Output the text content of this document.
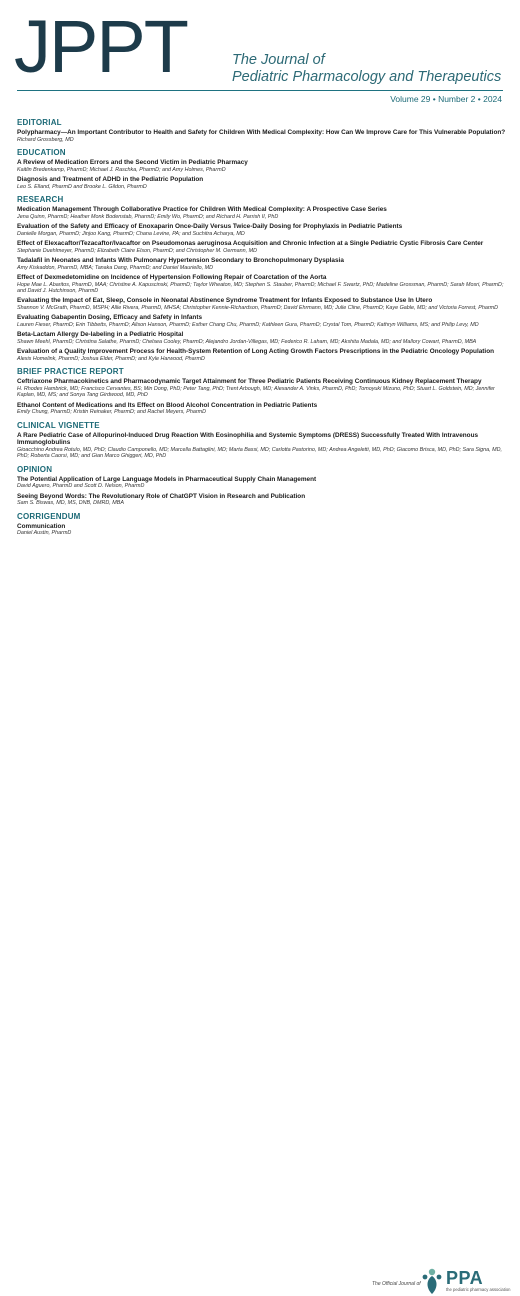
JPPT	The Journal of
Pediatric Pharmacology and Therapeutics
Volume 29 • Number 2 • 2024
EDITORIAL
Polypharmacy—An Important Contributor to Health and Safety for Children With Medical Complexity: How Can We Improve Care for This Vulnerable Population?
Richard Grossberg, MD
EDUCATION
A Review of Medication Errors and the Second Victim in Pediatric Pharmacy
Kaitlin Bredenkamp, PharmD; Michael J. Raschka, PharmD; and Amy Holmes, PharmD
Diagnosis and Treatment of ADHD in the Pediatric Population
Leo S. Elland, PharmD and Brooke L. Gildon, PharmD
RESEARCH
Medication Management Through Collaborative Practice for Children With Medical Complexity: A Prospective Case Series
Jena Quinn, PharmD; Heather Monk Bodenstab, PharmD; Emily Wo, PharmD; and Richard H. Parrish II, PhD
Evaluation of the Safety and Efficacy of Enoxaparin Once-Daily Versus Twice-Daily Dosing for Prophylaxis in Pediatric Patients
Danielle Morgan, PharmD; Jinjoo Kang, PharmD; Chana Levine, PA; and Suchitra Acharya, MD
Effect of Elexacaftor/Tezacaftor/Ivacaftor on Pseudomonas aeruginosa Acquisition and Chronic Infection at a Single Pediatric Cystic Fibrosis Care Center
Stephanie Duehlmeyer, PharmD; Elizabeth Claire Elson, PharmD; and Christopher M. Oermann, MD
Tadalafil in Neonates and Infants With Pulmonary Hypertension Secondary to Bronchopulmonary Dysplasia
Amy Kiskaddon, PharmD, MBA; Tanaka Dang, PharmD; and Daniel Mauriello, MD
Effect of Dexmedetomidine on Incidence of Hypertension Following Repair of Coarctation of the Aorta
Hope Mae L. Abaritos, PharmD, MAA; Christine A. Kapuscinski, PharmD; Taylor Wheaton, MD; Stephen S. Stauber, PharmD; Michael F. Swartz, PhD; Madeline Grossman, PharmD; Sarah Mosri, PharmD; and David J. Hutchinson, PharmD
Evaluating the Impact of Eat, Sleep, Console in Neonatal Abstinence Syndrome Treatment for Infants Exposed to Substance Use In Utero
Shannon V. McGrath, PharmD, MSPH; Allie Rivera, PharmD, MHSA; Christopher Kennie-Richardson, PharmD; David Ehrmann, MD; Julie Cline, PharmD; Kaye Gable, MD; and Victoria Forrest, PharmD
Evaluating Gabapentin Dosing, Efficacy and Safety in Infants
Lauren Fieser, PharmD; Erin Tibbetts, PharmD; Alison Hanson, PharmD; Esther Chang Chu, PharmD; Kathleen Gura, PharmD; Crystal Tom, PharmD; Kathryn Williams, MS; and Philip Levy, MD
Beta-Lactam Allergy De-labeling in a Pediatric Hospital
Shawn Meehl, PharmD; Christina Salathe, PharmD; Chelsea Cooley, PharmD; Alejandro Jordan-Villegas, MD; Federico R. Laham, MD; Akshita Madala, MD; and Mallory Cowart, PharmD, MBA
Evaluation of a Quality Improvement Process for Health-System Retention of Long Acting Growth Factors Prescriptions in the Pediatric Oncology Population
Alexis Homelink, PharmD; Joshua Elder, PharmD; and Kyle Harwood, PharmD
BRIEF PRACTICE REPORT
Ceftriaxone Pharmacokinetics and Pharmacodynamic Target Attainment for Three Pediatric Patients Receiving Continuous Kidney Replacement Therapy
H. Rhodes Hambrick, MD; Francisco Cervantes, BS; Min Dong, PhD; Peter Tang, PhD; Trent Arbough, MD; Alexander A. Vinks, PharmD, PhD; Tomoyuki Mizuno, PhD; Stuart L. Goldstein, MD; Jennifer Kaplan, MD, MS; and Sonya Tang Girdwood, MD, PhD
Ethanol Content of Medications and Its Effect on Blood Alcohol Concentration in Pediatric Patients
Emily Chung, PharmD; Kristin Reinaker, PharmD; and Rachel Meyers, PharmD
CLINICAL VIGNETTE
A Rare Pediatric Case of Allopurinol-Induced Drug Reaction With Eosinophilia and Systemic Symptoms (DRESS) Successfully Treated With Intravenous Immunoglobulins
Gioacchino Andrea Rotulo, MD, PhD; Claudio Camponello, MD; Marcella Battaglini, MD; Marta Bassi, MD; Carlotta Pastorino, MD; Andrea Angeletti, MD, PhD; Giacomo Brisca, MD, PhD; Sara Signa, MD, PhD; Roberta Caorsi, MD; and Gian Marco Ghiggeri, MD, PhD
OPINION
The Potential Application of Large Language Models in Pharmaceutical Supply Chain Management
David Aguero, PharmD and Scott D. Nelson, PharmD
Seeing Beyond Words: The Revolutionary Role of ChatGPT Vision in Research and Publication
Sam S. Biswas, MD, MS, DNB, DMRD, MBA
CORRIGENDUM
Communication
Daniel Austin, PharmD
The Official Journal of PPA
the pediatric pharmacy association
